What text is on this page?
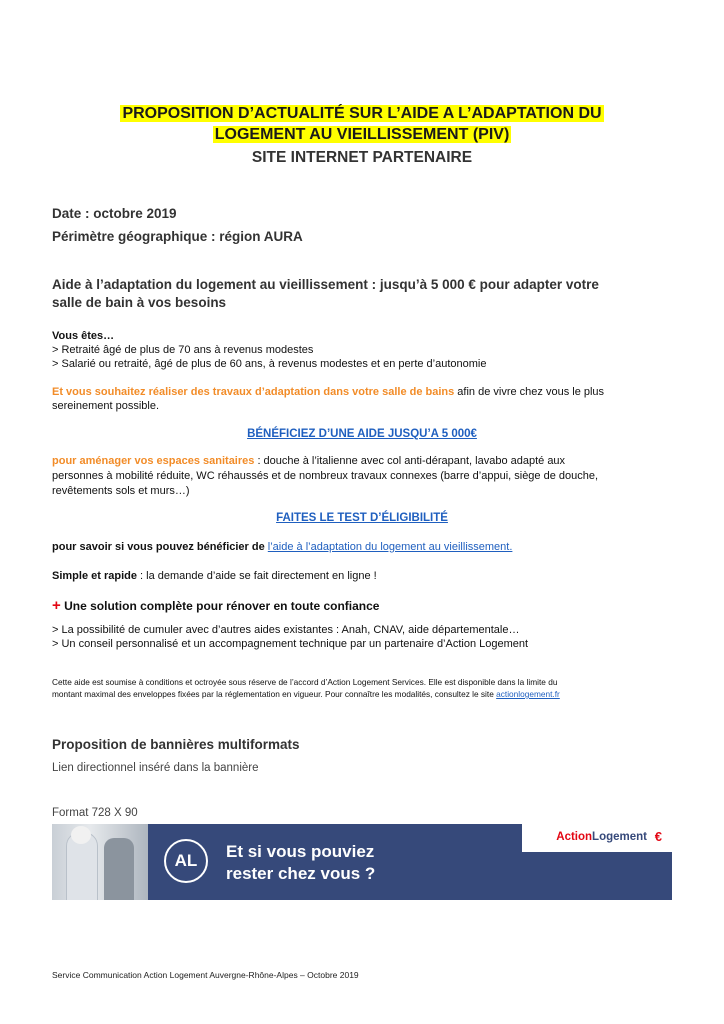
PROPOSITION D’ACTUALITÉ SUR L’AIDE A L’ADAPTATION DU
LOGEMENT AU VIEILLISSEMENT (PIV)
SITE INTERNET PARTENAIRE
Date : octobre 2019
Périmètre géographique : région AURA
Aide à l’adaptation du logement au vieillissement : jusqu’à 5 000 € pour adapter votre
salle de bain à vos besoins
Vous êtes…
> Retraité âgé de plus de 70 ans à revenus modestes
> Salarié ou retraité, âgé de plus de 60 ans, à revenus modestes et en perte d’autonomie
Et vous souhaitez réaliser des travaux d’adaptation dans votre salle de bains afin de vivre chez vous le plus
sereinement possible.
BÉNÉFICIEZ D’UNE AIDE JUSQU’A 5 000€
pour aménager vos espaces sanitaires : douche à l’italienne avec col anti-dérapant, lavabo adapté aux
personnes à mobilité réduite, WC réhaussés et de nombreux travaux connexes (barre d’appui, siège de douche,
revêtements sols et murs…)
FAITES LE TEST D’ÉLIGIBILITÉ
pour savoir si vous pouvez bénéficier de l’aide à l’adaptation du logement au vieillissement.
Simple et rapide : la demande d’aide se fait directement en ligne !
+ Une solution complète pour rénover en toute confiance
> La possibilité de cumuler avec d’autres aides existantes : Anah, CNAV, aide départementale…
> Un conseil personnalisé et un accompagnement technique par un partenaire d’Action Logement
Cette aide est soumise à conditions et octroyée sous réserve de l’accord d’Action Logement Services. Elle est disponible dans la limite du
montant maximal des enveloppes fixées par la réglementation en vigueur. Pour connaître les modalités, consultez le site actionlogement.fr
Proposition de bannières multiformats
Lien directionnel inséré dans la bannière
Format 728 X 90
AL	Et si vous pouviez
rester chez vous ?
ActionLogement €
Service Communication Action Logement Auvergne-Rhône-Alpes – Octobre 2019
